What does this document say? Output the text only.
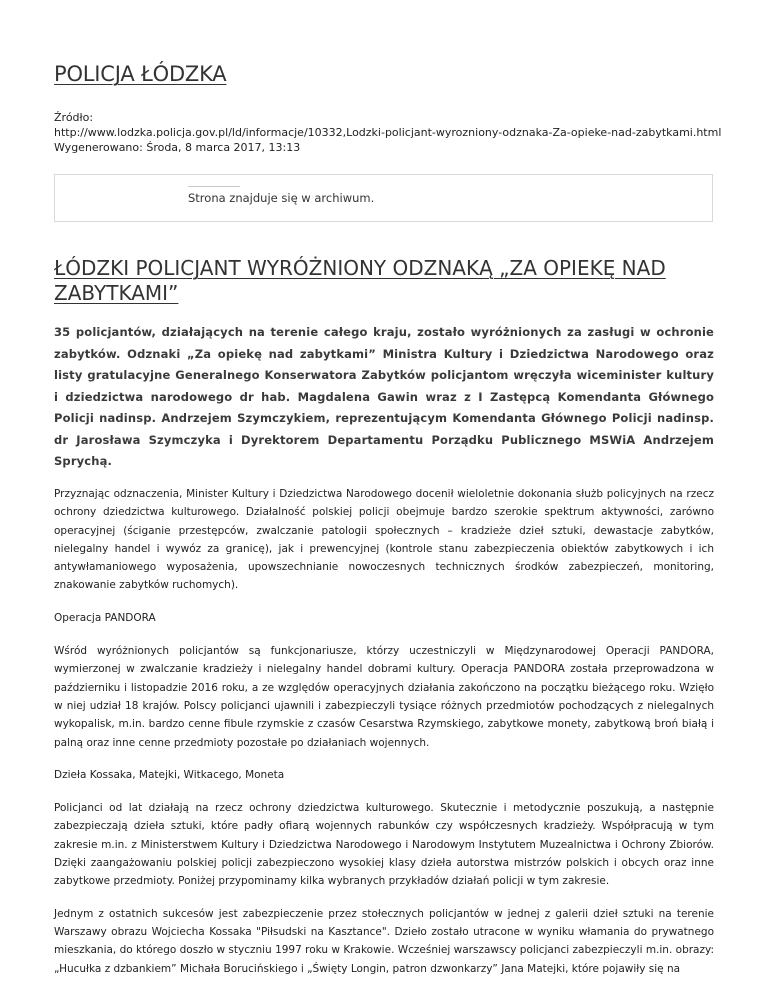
POLICJA ŁÓDZKA
Źródło:
http://www.lodzka.policja.gov.pl/ld/informacje/10332,Lodzki-policjant-wyrozniony-odznaka-Za-opieke-nad-zabytkami.html
Wygenerowano: Środa, 8 marca 2017, 13:13
Strona znajduje się w archiwum.
ŁÓDZKI POLICJANT WYRÓŻNIONY ODZNAKĄ „ZA OPIEKĘ NAD ZABYTKAMI”

35 policjantów, działających na terenie całego kraju, zostało wyróżnionych za zasługi w ochronie zabytków. Odznaki „Za opiekę nad zabytkami” Ministra Kultury i Dziedzictwa Narodowego oraz listy gratulacyjne Generalnego Konserwatora Zabytków policjantom wręczyła wiceminister kultury i dziedzictwa narodowego dr hab. Magdalena Gawin wraz z I Zastępcą Komendanta Głównego Policji nadinsp. Andrzejem Szymczykiem, reprezentującym Komendanta Głównego Policji nadinsp. dr Jarosława Szymczyka i Dyrektorem Departamentu Porządku Publicznego MSWiA Andrzejem Sprychą.

Przyznając odznaczenia, Minister Kultury i Dziedzictwa Narodowego docenił wieloletnie dokonania służb policyjnych na rzecz ochrony dziedzictwa kulturowego. Działalność polskiej policji obejmuje bardzo szerokie spektrum aktywności, zarówno operacyjnej (ściganie przestępców, zwalczanie patologii społecznych – kradzieże dzieł sztuki, dewastacje zabytków, nielegalny handel i wywóz za granicę), jak i prewencyjnej (kontrole stanu zabezpieczenia obiektów zabytkowych i ich antywłamaniowego wyposażenia, upowszechnianie nowoczesnych technicznych środków zabezpieczeń, monitoring, znakowanie zabytków ruchomych).

Operacja PANDORA

Wśród wyróżnionych policjantów są funkcjonariusze, którzy uczestniczyli w Międzynarodowej Operacji PANDORA, wymierzonej w zwalczanie kradzieży i nielegalny handel dobrami kultury. Operacja PANDORA została przeprowadzona w październiku i listopadzie 2016 roku, a ze względów operacyjnych działania zakończono na początku bieżącego roku. Wzięło w niej udział 18 krajów. Polscy policjanci ujawnili i zabezpieczyli tysiące różnych przedmiotów pochodzących z nielegalnych wykopalisk, m.in. bardzo cenne fibule rzymskie z czasów Cesarstwa Rzymskiego, zabytkowe monety, zabytkową broń białą i palną oraz inne cenne przedmioty pozostałe po działaniach wojennych.

Dzieła Kossaka, Matejki, Witkacego, Moneta

Policjanci od lat działają na rzecz ochrony dziedzictwa kulturowego. Skutecznie i metodycznie poszukują, a następnie zabezpieczają dzieła sztuki, które padły ofiarą wojennych rabunków czy współczesnych kradzieży. Współpracują w tym zakresie m.in. z Ministerstwem Kultury i Dziedzictwa Narodowego i Narodowym Instytutem Muzealnictwa i Ochrony Zbiorów. Dzięki zaangażowaniu polskiej policji zabezpieczono wysokiej klasy dzieła autorstwa mistrzów polskich i obcych oraz inne zabytkowe przedmioty. Poniżej przypominamy kilka wybranych przykładów działań policji w tym zakresie.

Jednym z ostatnich sukcesów jest zabezpieczenie przez stołecznych policjantów w jednej z galerii dzieł sztuki na terenie Warszawy obrazu Wojciecha Kossaka "Piłsudski na Kasztance". Dzieło zostało utracone w wyniku włamania do prywatnego mieszkania, do którego doszło w styczniu 1997 roku w Krakowie. Wcześniej warszawscy policjanci zabezpieczyli m.in. obrazy: „Hucułka z dzbankiem” Michała Borucińskiego i „Święty Longin, patron dzwonkarzy” Jana Matejki, które pojawiły się na
